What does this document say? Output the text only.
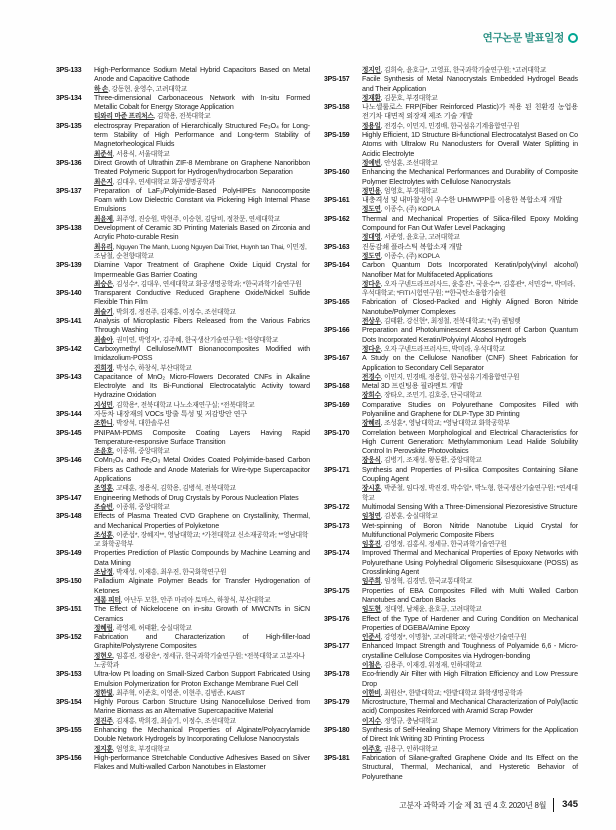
연구논문 발표일정
3PS-133	High-Performance Sodium Metal Hybrid Capacitors Based on Metal Anode and Capacitive Cathode
하 손, 강동현, 윤영수, 고려대학교
3PS-134	Three-dimensional Carbonaceous Network with In-situ Formed Metallic Cobalt for Energy Storage Application
티와리 마준 프리처스, 김학용, 전북대학교
3PS-135	electrospray Preparation of Hierarchically Structured Fe₃O₄ for Long-term Stability of High Performance and Long-term Stability of Magnetorheological Fluids
최준석, 서용식, 서울대학교
3PS-136	Direct Growth of Ultrathin ZIF-8 Membrane on Graphene Nanoribbon Treated Polymeric Support for Hydrogen/hydrocarbon Separation
최은지, 김대우, 연세대학교 화공생명공학과
3PS-137	Preparation of LaF₃/Polyimide-Based PolyHIPEs Nanocomposite Foam with Low Dielectric Constant via Pickering High Internal Phase Emulsions
최윤제, 최주영, 진승원, 박현주, 이승현, 김담비, 정찬문, 연세대학교
3PS-138	Development of Ceramic 3D Printing Materials Based on Zirconia and Acrylic Photo-curable Resin
최유리, Nguyen The Manh, Luong Nguyen Dai Triet, Huynh tan Thai, 이민정, 조남철, 순천향대학교
3PS-139	Diamine Vapor Treatment of Graphene Oxide Liquid Crystal for Impermeable Gas Barrier Coating
최승은, 김성수*, 김대우, 연세대학교 화공생명공학과; *한국과학기술연구원
3PS-140	Transparent Conductive Reduced Graphene Oxide/Nickel Sulfide Flexible Thin Film
최슬기, 박희경, 정진주, 김재홍, 이정수, 조선대학교
3PS-141	Analysis of Microplastic Fibers Released from the Various Fabrics Through Washing
최솔아, 권미연, 박영자*, 김주혜, 한국생산기술연구원; *한양대학교
3PS-142	Carboxymethyl Cellulose/MMT Bionanocomposites Modified with Imidazolium-POSS
진희경, 박성수, 하창식, 부산대학교
3PS-143	Capacitance of MnO₂ Micro-Flowers Decorated CNFs in Alkaline Electrolyte and Its Bi-Functional Electrocatalytic Activity toward Hydrazine Oxidation
지성민, 김학용*, 전북대학교 나노소재연구실; *전북대학교
3PS-144	자동차 내장재의 VOCs 방출 특성 및 저감방안 연구
조한니, 박장석, 대한솔루션
3PS-145	PNIPAM-PDMS Composite Coating Layers Having Rapid Temperature-responsive Surface Transition
조윤호, 이종휘, 중앙대학교
3PS-146	CoMn₂O₄ and Fe₂O₃ Metal Oxides Coated Polyimide-based Carbon Fibers as Cathode and Anode Materials for Wire-type Supercapacitor Applications
조영훈, 고태훈, 정용식, 김학용, 김병석, 전북대학교
3PS-147	Engineering Methods of Drug Crystals by Porous Nucleation Plates
조슬빈, 이종휘, 중앙대학교
3PS-148	Effects of Plasma Treated CVD Graphene on Crystallinity, Thermal, and Mechanical Properties of Polyketone
조성훈, 이준섭*, 장혜지**, 영남대학교; *가천대학교 신소재공학과; **영남대학교 화학공학부
3PS-149	Properties Prediction of Plastic Compounds by Machine Learning and Data Mining
조남정, 박재성, 이재흥, 최우진, 한국화학연구원
3PS-150	Palladium Alginate Polymer Beads for Transfer Hydrogenation of Ketones
제롬 피터, 아난두 모한, 안주 마리아 토마스, 하창식, 부산대학교
3PS-151	The Effect of Nickelocene on in-situ Growth of MWCNTs in SiCN Ceramics
정혜림, 곽영제, 허태환, 숭실대학교
3PS-152	Fabrication and Characterization of High-filler-load Graphite/Polystyrene Composites
정현오, 임홍진, 정광운*, 정세규, 한국과학기술연구원; *전북대학교 고분자나노공학과
3PS-153	Ultra-low Pt loading on Small-Sized Carbon Support Fabricated Using Emulsion Polymerization for Proton Exchange Membrane Fuel Cell
정한빛, 최주혁, 이준호, 이영준, 이현주, 김범준, KAIST
3PS-154	Highly Porous Carbon Structure Using Nanocellulose Derived from Marine Biomass as an Alternative Supercapacitive Material
정진주, 김재홍, 박희경, 최슬기, 이정수, 조선대학교
3PS-155	Enhancing the Mechanical Properties of Alginate/Polyacrylamide Double Network Hydrogels by Incorporating Cellulose Nanocrystals
정지훈, 엄영호, 부경대학교
3PS-156	High-performance Stretchable Conductive Adhesives Based on Silver Flakes and Multi-walled Carbon Nanotubes in Elastomer
정지인, 김희숙, 윤호규*, 고영표, 한국과학기술연구원; *고려대학교
3PS-157	Facile Synthesis of Metal Nanocrystals Embedded Hydrogel Beads and Their Application
정재환, 김문호, 부경대학교
3PS-158	나노셀룰로스 FRP(Fiber Reinforced Plastic)가 적용 된 친환경 농업용 전기차 대면적 외장재 제조 기술 개발
정용일, 전경수, 이민지, 민경배, 한국섬유기계융합연구원
3PS-159	Highly Efficient, 1D Structure Bi-functional Electrocatalyst Based on Co Atoms with Ultralow Ru Nanoclusters for Overall Water Splitting in Acidic Electrolyte
정예빈, 안성훈, 조선대학교
3PS-160	Enhancing the Mechanical Performances and Durability of Composite Polymer Electrolytes with Cellulose Nanocrystals
정민용, 엄영호, 부경대학교
3PS-161	내충격성 및 내마찰성이 우수한 UHMWPP를 이용한 복합소재 개발
정도연, 이종수, (주) KOPLA
3PS-162	Thermal and Mechanical Properties of Silica-filled Epoxy Molding Compound for Fan Out Wafer Level Packaging
정대영, 서준영, 윤호규, 고려대학교
3PS-163	진동감쇄 플라스틱 복합소재 개발
정도연, 이종수, (주) KOPLA
3PS-164	Carbon Quantum Dots Incorporated Keratin/poly(vinyl alcohol) Nanofiber Mat for Multifaceted Applications
정다운, 오자 구넨드라프러사드, 윤홍진*, 국윤수**, 김홍관*, 서민강**, 박미라, 우석대학교; *FITI시험연구원; **한국탄소융합기술원
3PS-165	Fabrication of Closed-Packed and Highly Aligned Boron Nitride Nanotube/Polymer Complexes
전상우, 김태환, 강신현*, 최정철, 전북대학교; *(주) 퀀텀렛
3PS-166	Preparation and Photoluminescent Assessment of Carbon Quantum Dots Incorporated Keratin/Polyvinyl Alcohol Hydrogels
정다운, 오자 구넨드라프러사드, 박미라, 우석대학교
3PS-167	A Study on the Cellulose Nanofiber (CNF) Sheet Fabrication for Application to Secondary Cell Separator
전경수, 이민지, 민경배, 정용일, 한국섬유기계융합연구원
3PS-168	Metal 3D 프린팅용 필라멘트 개발
장희수, 장타오, 조민기, 김호중, 단국대학교
3PS-169	Comparative Studies on Polyurethane Composites Filled with Polyaniline and Graphene for DLP-Type 3D Printing
장혜리, 조성훈*, 영남대학교; *영남대학교 화학공학부
3PS-170	Correlation between Morphological and Electrical Characteristics for High Current Generation: Methylammonium Lead Halide Solubility Control In Perovskite Photovoltaics
장웅식, 김병기, 조재성, 왕동환, 중앙대학교
3PS-171	Synthesis and Properties of PI-silica Composites Containing Silane Coupling Agent
장시훈, 박준철, 임다정, 박진경, 박수일*, 박노형, 한국생산기술연구원; *연세대학교
3PS-172	Multimodal Sensing With a Three-Dimensional Piezoresistive Structure
임청연, 김봉훈, 숭실대학교
3PS-173	Wet-spinning of Boron Nitride Nanotube Liquid Crystal for Multifunctional Polymeric Composite Fibers
임홍진, 김영정, 김홍식, 정세규, 한국과학기술연구원
3PS-174	Improved Thermal and Mechanical Properties of Epoxy Networks with Polyurethane Using Polyhedral Oligomeric Silsesquioxane (POSS) as Crosslinking Agent
임주희, 임정혁, 김경민, 한국교통대학교
3PS-175	Properties of EBA Composites Filled with Multi Walled Carbon Nanotubes and Carbon Blacks
임도현, 정대영, 남채윤, 윤호규, 고려대학교
3PS-176	Effect of the Type of Hardener and Curing Condition on Mechanical Properties of DGEBA/Amine Epoxy
인준서, 강영정*, 이명철*, 고려대학교; *한국생산기술연구원
3PS-177	Enhanced Impact Strength and Toughness of Polyamide 6,6 - Micro-crystalline Cellulose Composites via Hydrogen-bonding
이철은, 김용주, 이재경, 위정재, 인하대학교
3PS-178	Eco-friendly Air Filter with High Filtration Efficiency and Low Pressure Drop
이한비, 최원산*, 한밭대학교; *한밭대학교 화학생명공학과
3PS-179	Microstructure, Thermal and Mechanical Characterization of Poly(lactic acid) Composites Reinforced with Aramid Scrap Powder
이지수, 정영규, 충남대학교
3PS-180	Synthesis of Self-Healing Shape Memory Vitrimers for the Application of Direct Ink Writing 3D Printing Process
이주호, 권용구, 인하대학교
3PS-181	Fabrication of Silane-grafted Graphene Oxide and Its Effect on the Structural, Thermal, Mechanical, and Hysteretic Behavior of Polyurethane
고분자 과학과 기술 제 31 권 4 호 2020년 8월	345
